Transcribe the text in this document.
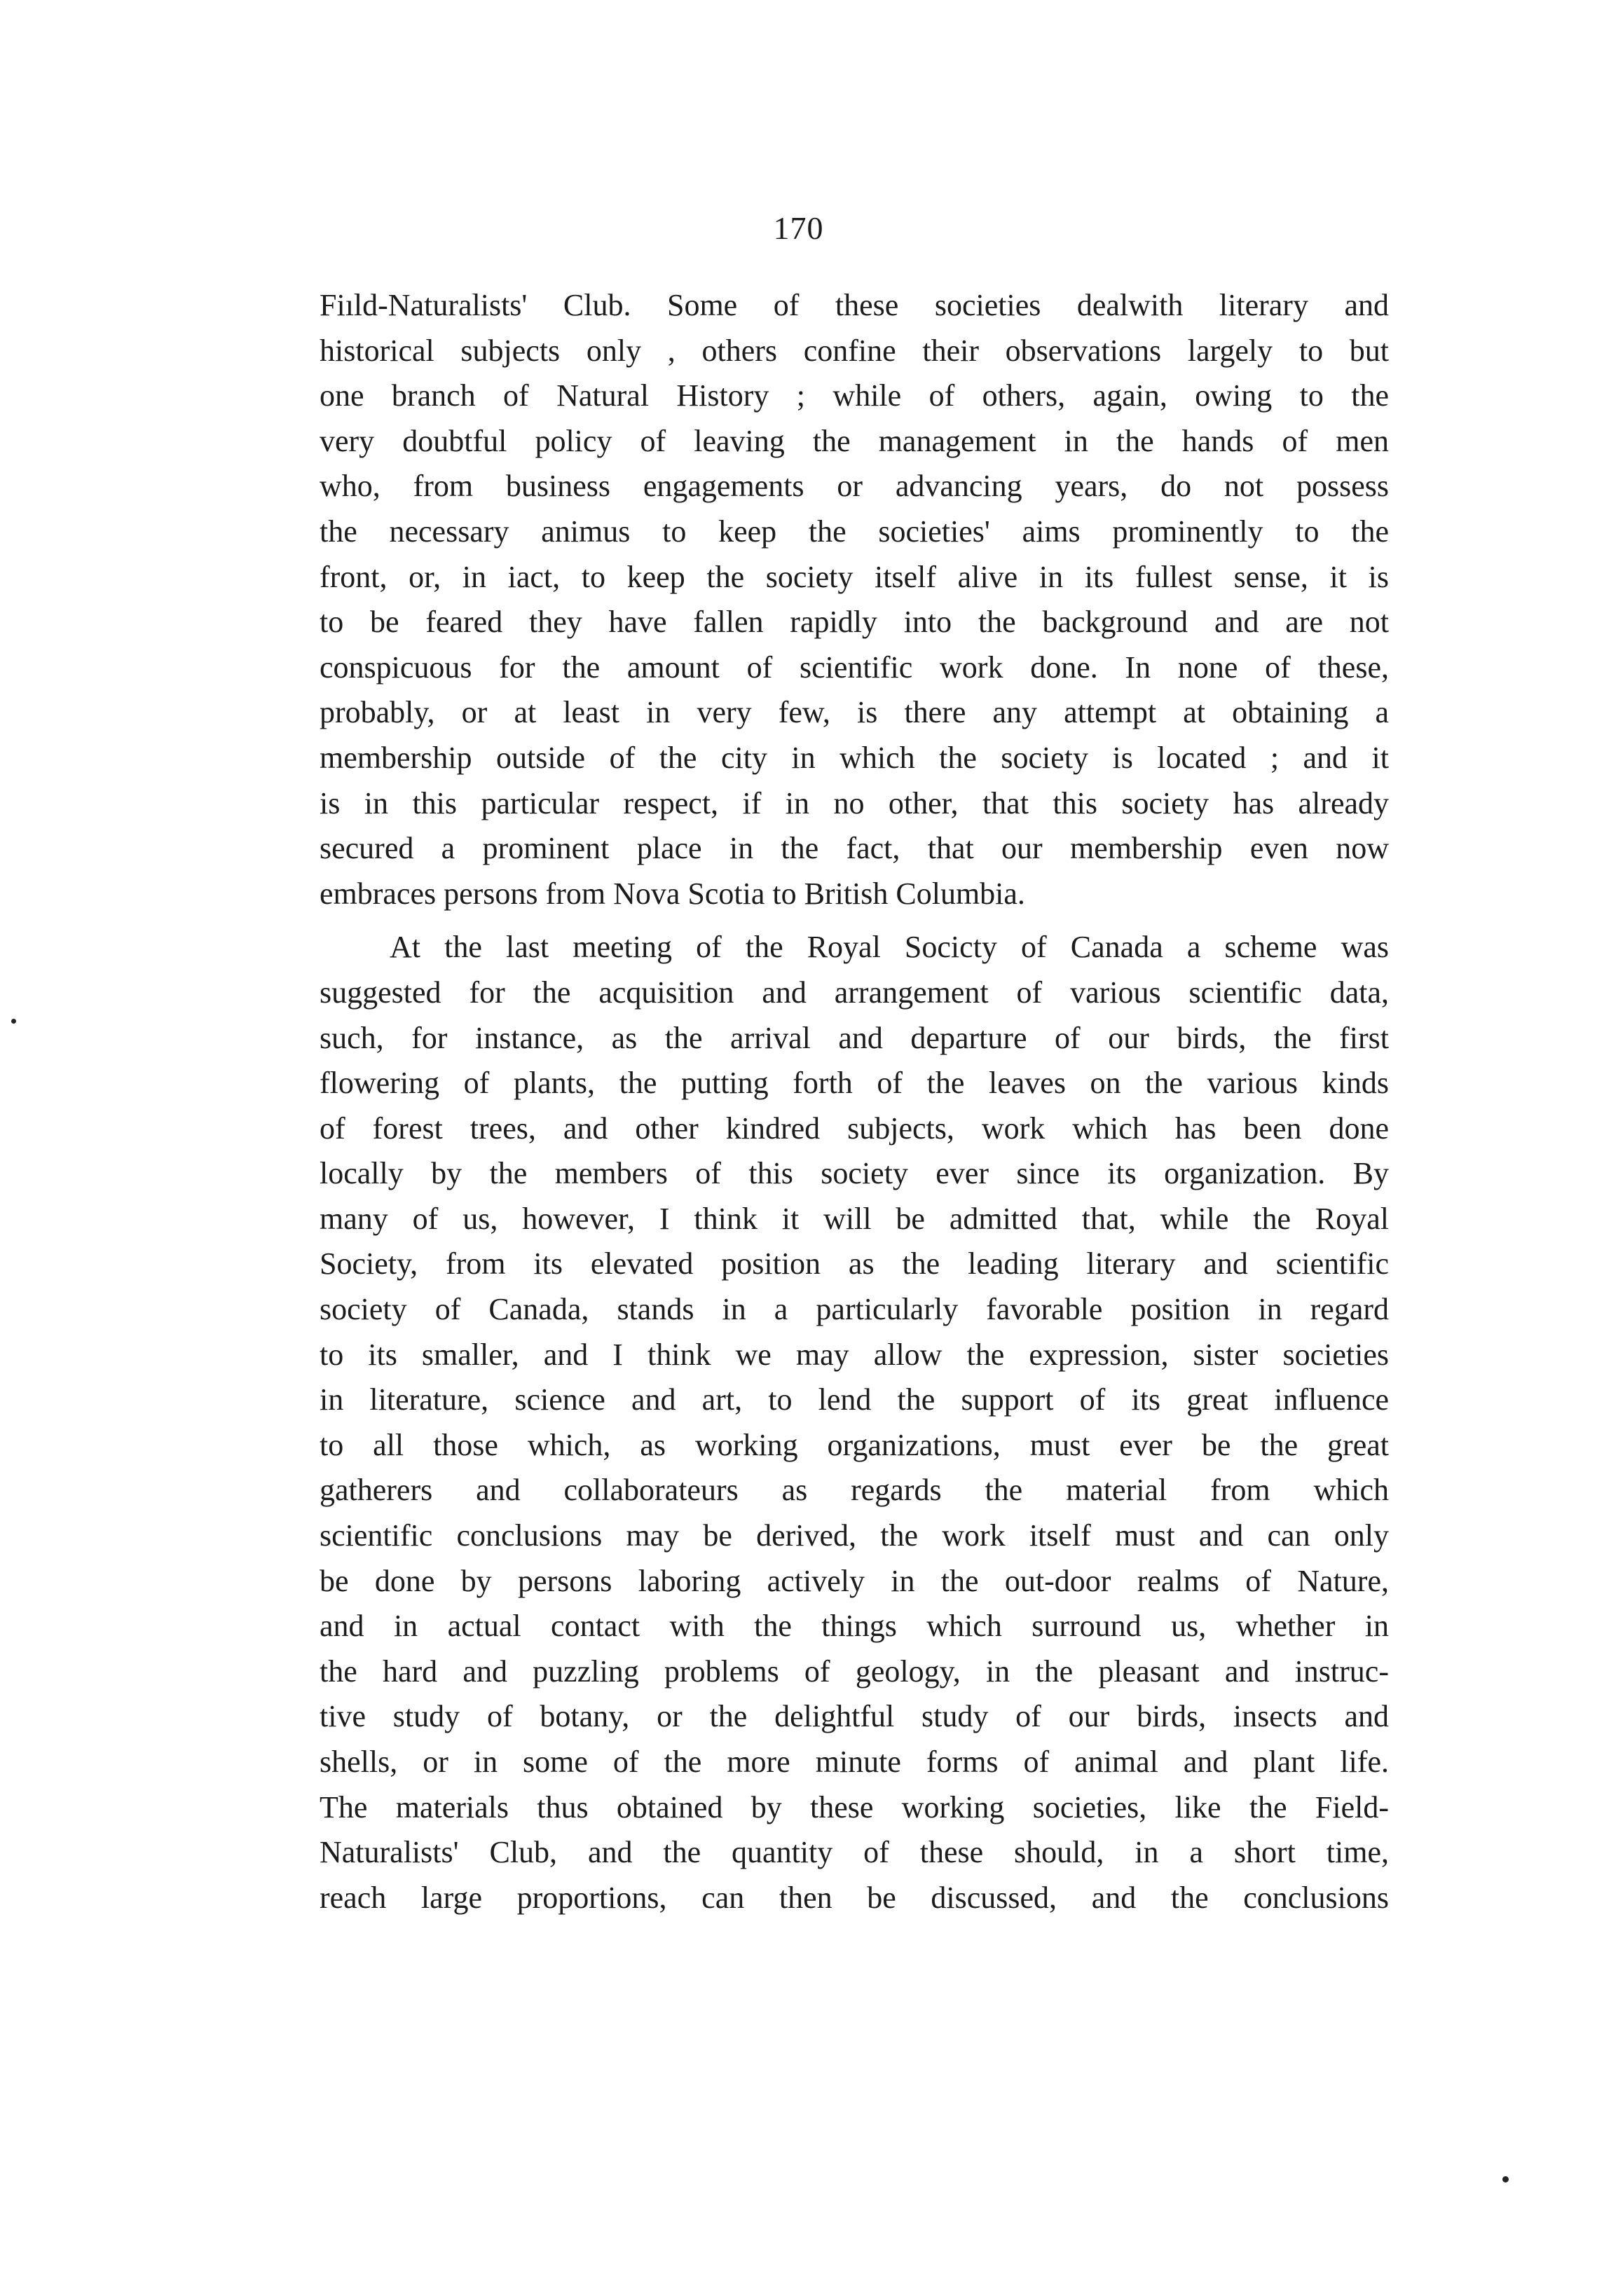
170
Fiıld-Naturalists' Club. Some of these societies dealwith literary and
historical subjects only , others confine their observations largely to but
one branch of Natural History ; while of others, again, owing to the
very doubtful policy of leaving the management in the hands of men
who, from business engagements or advancing years, do not possess
the necessary animus to keep the societies' aims prominently to the
front, or, in iact, to keep the society itself alive in its fullest sense, it is
to be feared they have fallen rapidly into the background and are not
conspicuous for the amount of scientific work done. In none of these,
probably, or at least in very few, is there any attempt at obtaining a
membership outside of the city in which the society is located ; and it
is in this particular respect, if in no other, that this society has already
secured a prominent place in the fact, that our membership even now
embraces persons from Nova Scotia to British Columbia.
At the last meeting of the Royal Socicty of Canada a scheme was
suggested for the acquisition and arrangement of various scientific data,
such, for instance, as the arrival and departure of our birds, the first
flowering of plants, the putting forth of the leaves on the various kinds
of forest trees, and other kindred subjects, work which has been done
locally by the members of this society ever since its organization. By
many of us, however, I think it will be admitted that, while the Royal
Society, from its elevated position as the leading literary and scientific
society of Canada, stands in a particularly favorable position in regard
to its smaller, and I think we may allow the expression, sister societies
in literature, science and art, to lend the support of its great influence
to all those which, as working organizations, must ever be the great
gatherers and collaborateurs as regards the material from which
scientific conclusions may be derived, the work itself must and can only
be done by persons laboring actively in the out-door realms of Nature,
and in actual contact with the things which surround us, whether in
the hard and puzzling problems of geology, in the pleasant and instruc-
tive study of botany, or the delightful study of our birds, insects and
shells, or in some of the more minute forms of animal and plant life.
The materials thus obtained by these working societies, like the Field-
Naturalists' Club, and the quantity of these should, in a short time,
reach large proportions, can then be discussed, and the conclusions
